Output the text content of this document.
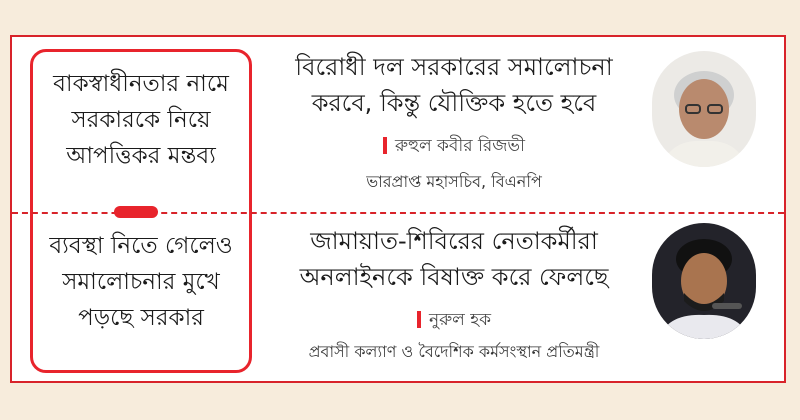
বাকস্বাধীনতার নামে
সরকারকে নিয়ে
আপত্তিকর মন্তব্য
ব্যবস্থা নিতে গেলেও
সমালোচনার মুখে
পড়ছে সরকার
বিরোধী দল সরকারের সমালোচনা
করবে, কিন্তু যৌক্তিক হতে হবে
রুহুল কবীর রিজভী
ভারপ্রাপ্ত মহাসচিব, বিএনপি
জামায়াত-শিবিরের নেতাকর্মীরা
অনলাইনকে বিষাক্ত করে ফেলছে
নুরুল হক
প্রবাসী কল্যাণ ও বৈদেশিক কর্মসংস্থান প্রতিমন্ত্রী
